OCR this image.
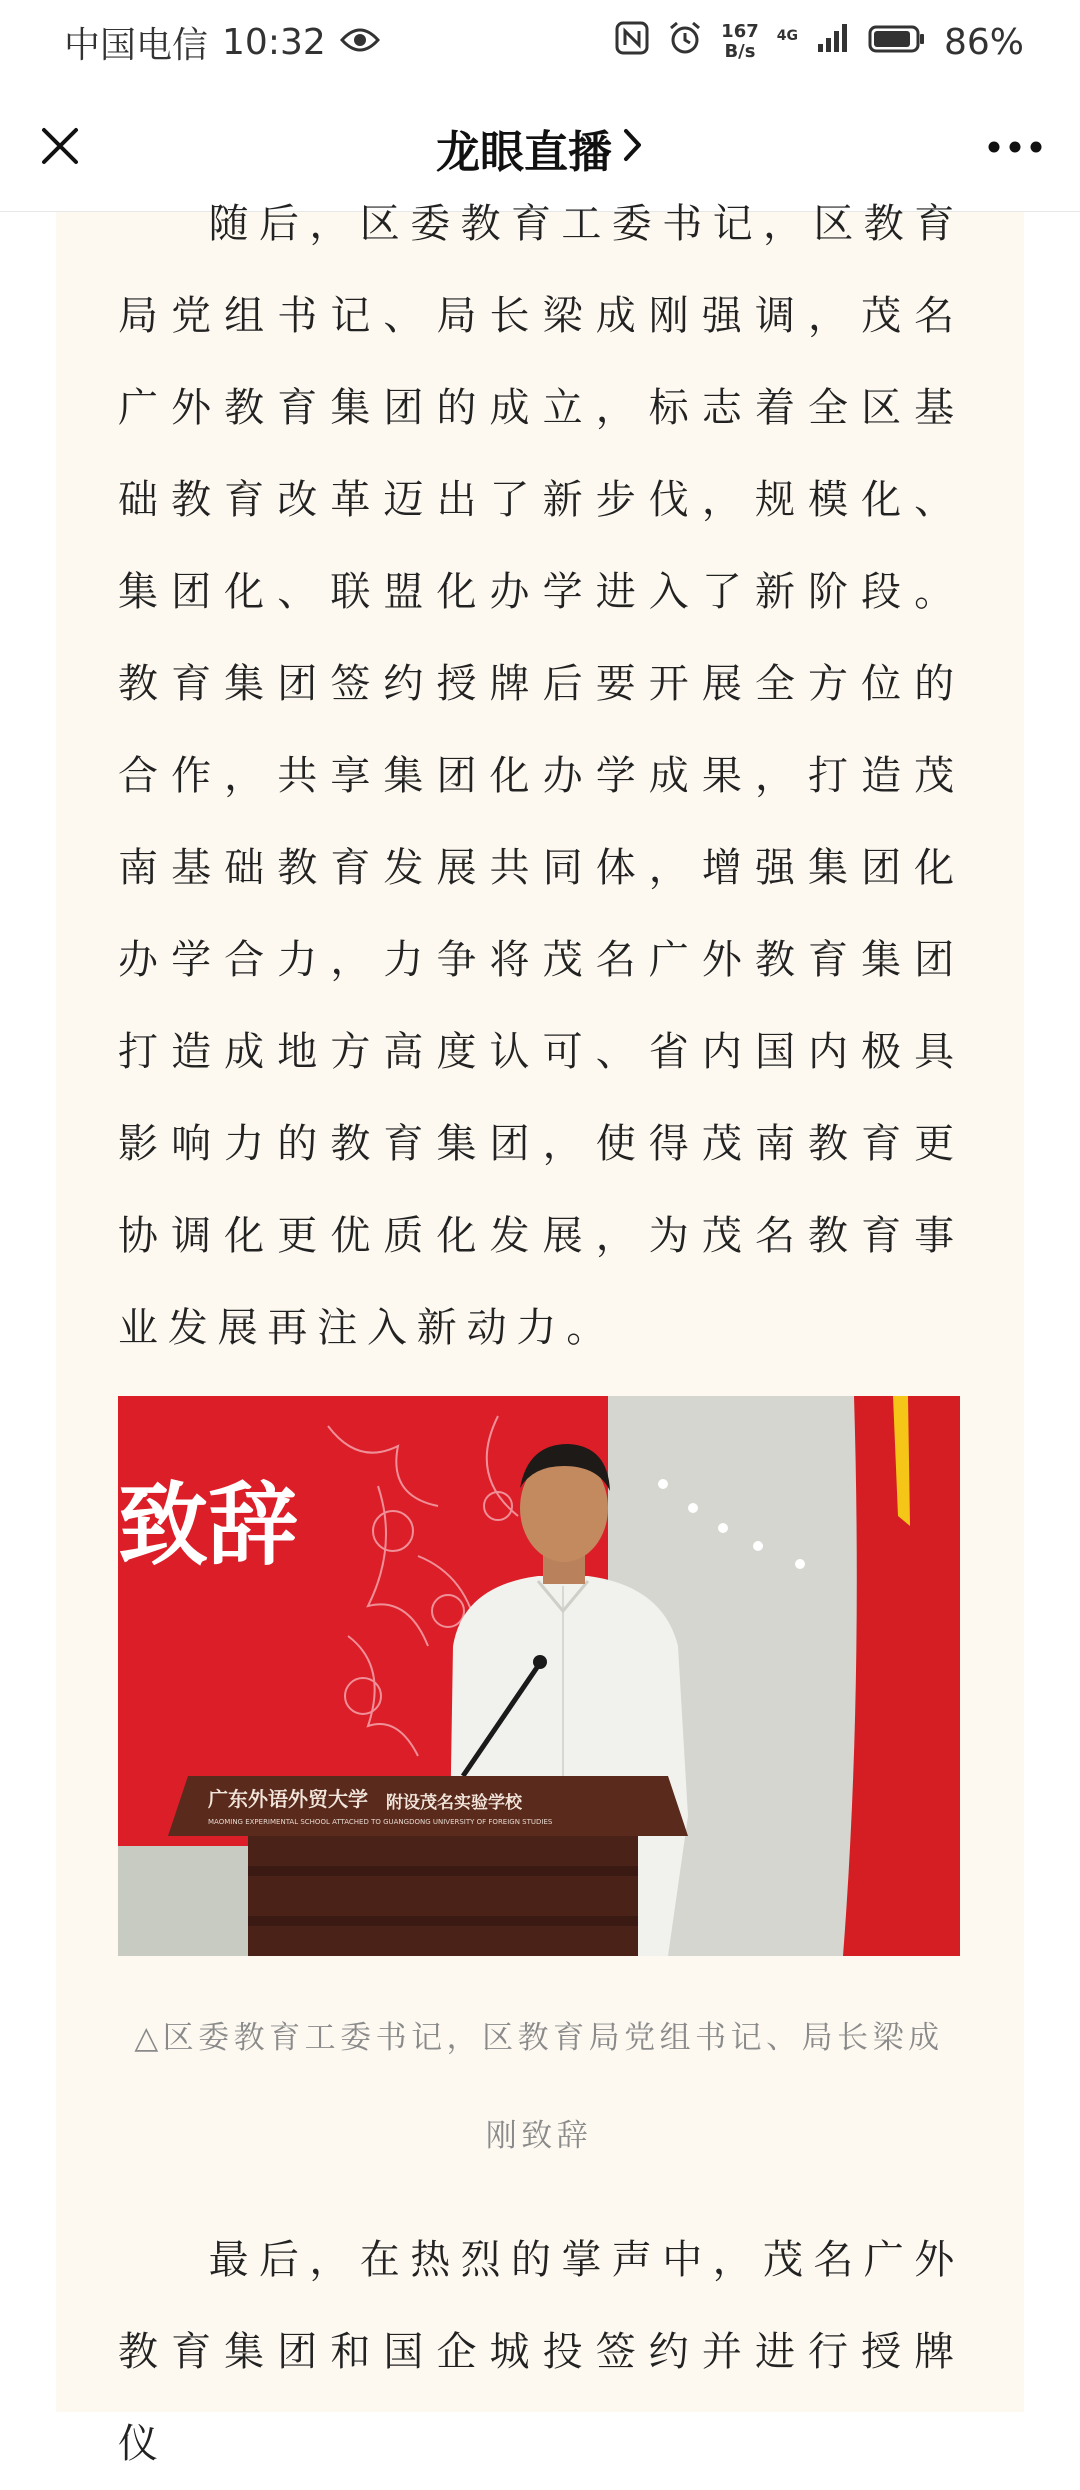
中国电信 10:32	167
B/s
4G	86%
龙眼直播

随后，区委教育工委书记，区教育局党组书记、局长梁成刚强调，茂名广外教育集团的成立，标志着全区基础教育改革迈出了新步伐，规模化、集团化、联盟化办学进入了新阶段。教育集团签约授牌后要开展全方位的合作，共享集团化办学成果，打造茂南基础教育发展共同体，增强集团化办学合力，力争将茂名广外教育集团打造成地方高度认可、省内国内极具影响力的教育集团，使得茂南教育更协调化更优质化发展，为茂名教育事业发展再注入新动力。

致辞
广东外语外贸大学 附设茂名实验学校
MAOMING EXPERIMENTAL SCHOOL ATTACHED TO GUANGDONG UNIVERSITY OF FOREIGN STUDIES
△区委教育工委书记，区教育局党组书记、局长梁成
刚致辞

最后，在热烈的掌声中，茂名广外教育集团和国企城投签约并进行授牌仪
